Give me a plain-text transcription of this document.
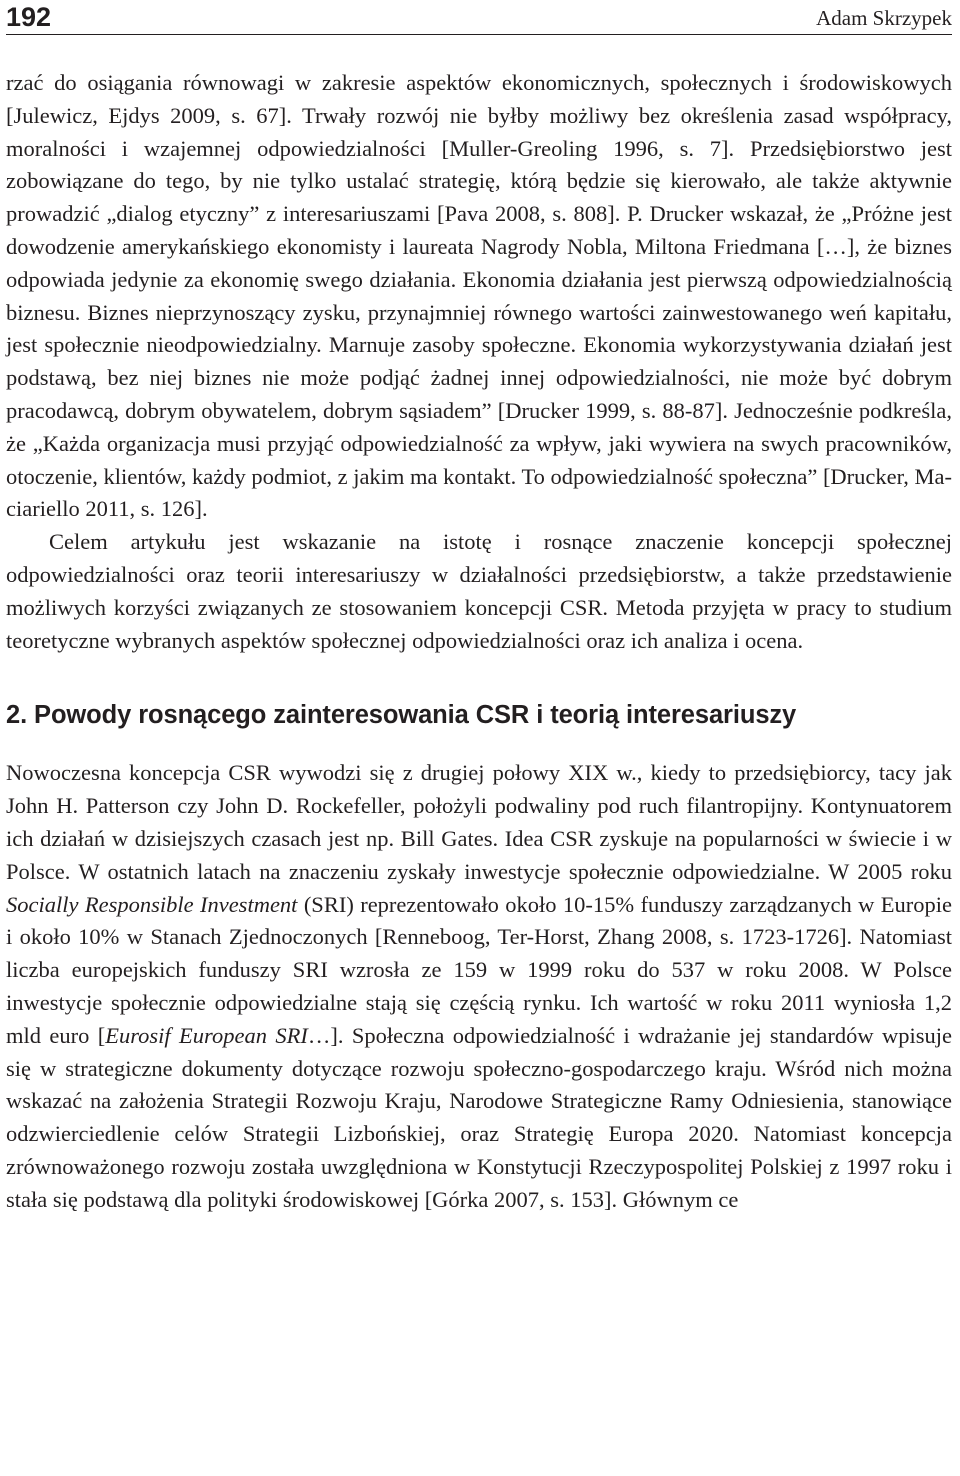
192	Adam Skrzypek

rzać do osiągania równowagi w zakresie aspektów ekonomicznych, społecznych i środowiskowych [Julewicz, Ejdys 2009, s. 67]. Trwały rozwój nie byłby możliwy bez określenia zasad współpracy, moralności i wzajemnej odpowiedzialności [Muller-Greoling 1996, s. 7]. Przedsiębiorstwo jest zobowiązane do tego, by nie tylko ustalać strategię, którą będzie się kierowało, ale także aktywnie prowadzić „dialog etyczny” z interesariuszami [Pava 2008, s. 808]. P. Drucker wskazał, że „Próżne jest dowodzenie amerykańskiego ekonomisty i laureata Nagrody Nobla, Miltona Friedmana […], że biznes odpowiada jedynie za ekonomię swego działania. Ekonomia działania jest pierwszą odpowiedzialnością biznesu. Biznes nieprzynoszący zysku, przynajmniej równego wartości zainwestowanego weń kapitału, jest społecznie nieodpowiedzialny. Marnuje zasoby społeczne. Ekonomia wykorzystywania działań jest podstawą, bez niej biznes nie może podjąć żadnej innej odpowiedzialności, nie może być dobrym pracodawcą, dobrym obywatelem, dobrym sąsiadem” [Drucker 1999, s. 88-87]. Jednocześnie podkreśla, że „Każda organizacja musi przyjąć odpowiedzialność za wpływ, jaki wywiera na swych pracowników, otoczenie, klientów, każdy podmiot, z jakim ma kontakt. To odpowiedzialność społeczna” [Drucker, Maciariello 2011, s. 126].

Celem artykułu jest wskazanie na istotę i rosnące znaczenie koncepcji społecznej odpowiedzialności oraz teorii interesariuszy w działalności przedsiębiorstw, a także przedstawienie możliwych korzyści związanych ze stosowaniem koncepcji CSR. Metoda przyjęta w pracy to studium teoretyczne wybranych aspektów społecznej odpowiedzialności oraz ich analiza i ocena.

2. Powody rosnącego zainteresowania CSR i teorią interesariuszy

Nowoczesna koncepcja CSR wywodzi się z drugiej połowy XIX w., kiedy to przedsiębiorcy, tacy jak John H. Patterson czy John D. Rockefeller, położyli podwaliny pod ruch filantropijny. Kontynuatorem ich działań w dzisiejszych czasach jest np. Bill Gates. Idea CSR zyskuje na popularności w świecie i w Polsce. W ostatnich latach na znaczeniu zyskały inwestycje społecznie odpowiedzialne. W 2005 roku Socially Responsible Investment (SRI) reprezentowało około 10-15% funduszy zarządzanych w Europie i około 10% w Stanach Zjednoczonych [Renneboog, Ter-Horst, Zhang 2008, s. 1723-1726]. Natomiast liczba europejskich funduszy SRI wzrosła ze 159 w 1999 roku do 537 w roku 2008. W Polsce inwestycje społecznie odpowiedzialne stają się częścią rynku. Ich wartość w roku 2011 wyniosła 1,2 mld euro [Eurosif European SRI…]. Społeczna odpowiedzialność i wdrażanie jej standardów wpisuje się w strategiczne dokumenty dotyczące rozwoju społeczno-gospodarczego kraju. Wśród nich można wskazać na założenia Strategii Rozwoju Kraju, Narodowe Strategiczne Ramy Odniesienia, stanowiące odzwierciedlenie celów Strategii Lizbońskiej, oraz Strategię Europa 2020. Natomiast koncepcja zrównoważonego rozwoju została uwzględniona w Konstytucji Rzeczypospolitej Polskiej z 1997 roku i stała się podstawą dla polityki środowiskowej [Górka 2007, s. 153]. Głównym ce
